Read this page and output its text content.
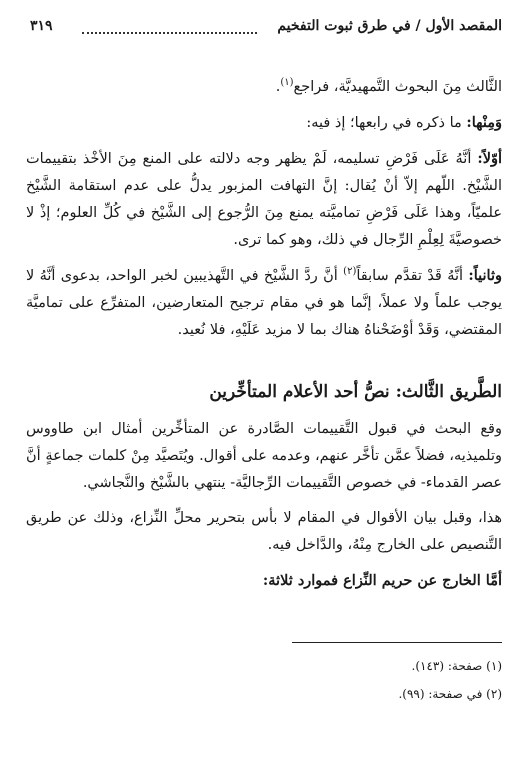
المقصد الأول / في طرق ثبوت التفخيم
٣١٩

الثَّالث مِنَ البحوث التَّمهيديَّة، فراجع$^{(١)}$.

وَمِنْها: ما ذكره في رابعها؛ إذ فيه:

أوّلاً: أنَّهُ عَلَى فَرْضِ تسليمه، لَمْ يظهر وجه دلالته على المنع مِنَ الأخْذ بتقييمات الشَّيْخ. اللّهم إلاّ أنْ يُقال: إنَّ التهافت المزبور يدلُّ على عدم استقامة الشَّيْخ علميّاً، وهذا عَلَى فَرْضِ تماميَّته يمنع مِنَ الرُّجوع إلى الشَّيْخ في كُلِّ العلوم؛ إذْ لا خصوصيَّةَ لِعِلْمِ الرِّجال في ذلك، وهو كما ترى.

وثانياً: أنَّهُ قَدْ تقدَّم سابقاً$^{(٢)}$ أنَّ ردَّ الشَّيْخ في التَّهذيبين لخبر الواحد، بدعوى أنَّهُ لا يوجب علماً ولا عملاً، إنَّما هو في مقام ترجيح المتعارضين، المتفرِّع على تماميَّة المقتضي، وَقَدْ أوْضَحْناهُ هناك بما لا مزيد عَلَيْهِ، فلا نُعيد.

الطَّريق الثَّالث: نصُّ أحد الأعلام المتأخِّرين

وقع البحث في قبول التَّقييمات الصَّادرة عن المتأخِّرين أمثال ابن طاووس وتلميذيه، فضلاً عمَّن تأخَّر عنهم، وعدمه على أقوال. ويُتَصيَّد مِنْ كلمات جماعةٍ أنَّ عصر القدماء- في خصوص التَّقييمات الرِّجاليَّة- ينتهي بالشَّيْخ والنَّجاشي.

هذا، وقبل بيان الأقوال في المقام لا بأس بتحرير محلِّ النِّزاع، وذلك عن طريق التَّنصيص على الخارج مِنْهُ، والدَّاخل فيه.

أمَّا الخارج عن حريم النِّزاع فموارد ثلاثة:

(١) صفحة: (١٤٣).
(٢) في صفحة: (٩٩).
